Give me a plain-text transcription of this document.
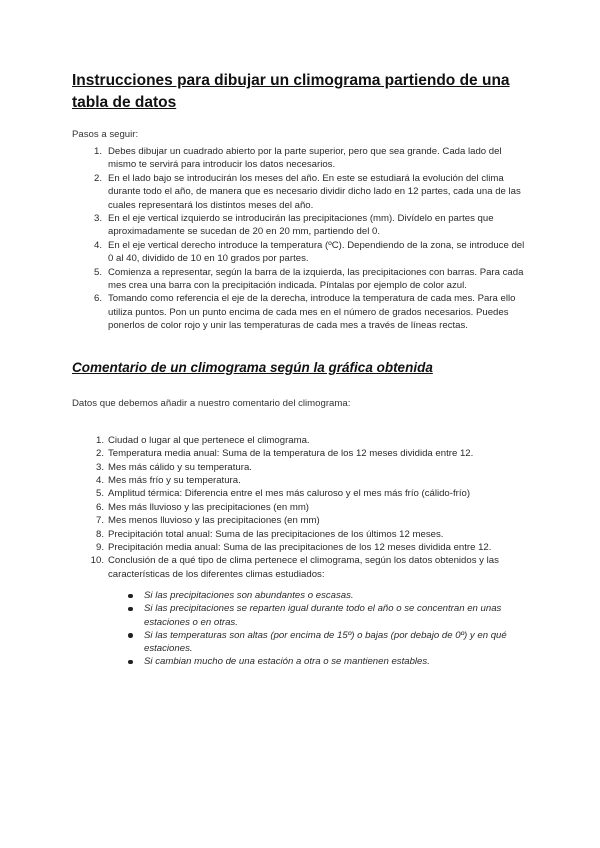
Instrucciones para dibujar un climograma partiendo de una tabla de datos
Pasos a seguir:
1. Debes dibujar un cuadrado abierto por la parte superior, pero que sea grande. Cada lado del mismo te servirá para introducir los datos necesarios.
2. En el lado bajo se introducirán los meses del año. En este se estudiará la evolución del clima durante todo el año, de manera que es necesario dividir dicho lado en 12 partes, cada una de las cuales representará los distintos meses del año.
3. En el eje vertical izquierdo se introducirán las precipitaciones (mm). Divídelo en partes que aproximadamente se sucedan de 20 en 20 mm, partiendo del 0.
4. En el eje vertical derecho introduce la temperatura (ºC). Dependiendo de la zona, se introduce del 0 al 40, dividido de 10 en 10 grados por partes.
5. Comienza a representar, según la barra de la izquierda, las precipitaciones con barras. Para cada mes crea una barra con la precipitación indicada. Píntalas por ejemplo de color azul.
6. Tomando como referencia el eje de la derecha, introduce la temperatura de cada mes. Para ello utiliza puntos. Pon un punto encima de cada mes en el número de grados necesarios. Puedes ponerlos de color rojo y unir las temperaturas de cada mes a través de líneas rectas.
Comentario de un climograma según la gráfica obtenida
Datos que debemos añadir a nuestro comentario del climograma:
1. Ciudad o lugar al que pertenece el climograma.
2. Temperatura media anual: Suma de la temperatura de los 12 meses dividida entre 12.
3. Mes más cálido y su temperatura.
4. Mes más frío y su temperatura.
5. Amplitud térmica: Diferencia entre el mes más caluroso y el mes más frío (cálido-frío)
6. Mes más lluvioso y las precipitaciones (en mm)
7. Mes menos lluvioso y las precipitaciones (en mm)
8. Precipitación total anual: Suma de las precipitaciones de los últimos 12 meses.
9. Precipitación media anual: Suma de las precipitaciones de los 12 meses dividida entre 12.
10. Conclusión de a qué tipo de clima pertenece el climograma, según los datos obtenidos y las características de los diferentes climas estudiados:
Si las precipitaciones son abundantes o escasas.
Si las precipitaciones se reparten igual durante todo el año o se concentran en unas estaciones o en otras.
Si las temperaturas son altas (por encima de 15º) o bajas (por debajo de 0º) y en qué estaciones.
Si cambian mucho de una estación a otra o se mantienen estables.
